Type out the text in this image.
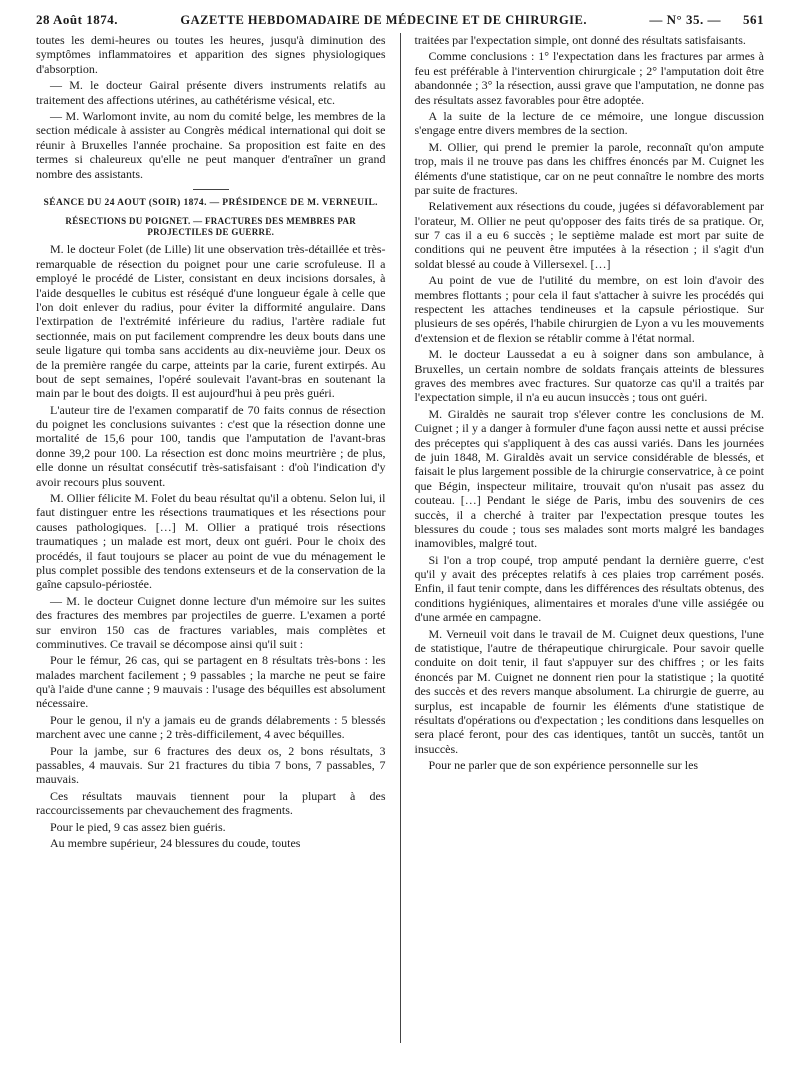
28 Août 1874.	GAZETTE HEBDOMADAIRE DE MÉDECINE ET DE CHIRURGIE.	— N° 35. — 561

toutes les demi-heures ou toutes les heures, jusqu'à diminution des symptômes inflammatoires et apparition des signes physiologiques d'absorption.

— M. le docteur Gairal présente divers instruments relatifs au traitement des affections utérines, au cathétérisme vésical, etc.

— M. Warlomont invite, au nom du comité belge, les membres de la section médicale à assister au Congrès médical international qui doit se réunir à Bruxelles l'année prochaine. Sa proposition est faite en des termes si chaleureux qu'elle ne peut manquer d'entraîner un grand nombre des assistants.

SÉANCE DU 24 AOUT (SOIR) 1874. — PRÉSIDENCE DE M. VERNEUIL.
RÉSECTIONS DU POIGNET. — FRACTURES DES MEMBRES PAR PROJECTILES DE GUERRE.

M. le docteur Folet (de Lille) lit une observation très-détaillée et très-remarquable de résection du poignet pour une carie scrofuleuse. Il a employé le procédé de Lister, consistant en deux incisions dorsales, à l'aide desquelles le cubitus est réséqué d'une longueur égale à celle que l'on doit enlever du radius, pour éviter la difformité angulaire. Dans l'extirpation de l'extrémité inférieure du radius, l'artère radiale fut sectionnée, mais on put facilement comprendre les deux bouts dans une seule ligature qui tomba sans accidents au dix-neuvième jour. Deux os de la première rangée du carpe, atteints par la carie, furent extirpés. Au bout de sept semaines, l'opéré soulevait l'avant-bras en soutenant la main par le bout des doigts. Il est aujourd'hui à peu près guéri.

L'auteur tire de l'examen comparatif de 70 faits connus de résection du poignet les conclusions suivantes : c'est que la résection donne une mortalité de 15,6 pour 100, tandis que l'amputation de l'avant-bras donne 39,2 pour 100. La résection est donc moins meurtrière ; de plus, elle donne un résultat consécutif très-satisfaisant : d'où l'indication d'y avoir recours plus souvent.

M. Ollier félicite M. Folet du beau résultat qu'il a obtenu. Selon lui, il faut distinguer entre les résections traumatiques et les résections pour causes pathologiques. […] M. Ollier a pratiqué trois résections traumatiques ; un malade est mort, deux ont guéri. Pour le choix des procédés, il faut toujours se placer au point de vue du ménagement le plus complet possible des tendons extenseurs et de la conservation de la gaîne capsulo-périostée.

— M. le docteur Cuignet donne lecture d'un mémoire sur les suites des fractures des membres par projectiles de guerre. L'examen a porté sur environ 150 cas de fractures variables, mais complètes et comminutives. Ce travail se décompose ainsi qu'il suit :

Pour le fémur, 26 cas, qui se partagent en 8 résultats très-bons : les malades marchent facilement ; 9 passables ; la marche ne peut se faire qu'à l'aide d'une canne ; 9 mauvais : l'usage des béquilles est absolument nécessaire.

Pour le genou, il n'y a jamais eu de grands délabrements : 5 blessés marchent avec une canne ; 2 très-difficilement, 4 avec béquilles.

Pour la jambe, sur 6 fractures des deux os, 2 bons résultats, 3 passables, 4 mauvais. Sur 21 fractures du tibia 7 bons, 7 passables, 7 mauvais.

Ces résultats mauvais tiennent pour la plupart à des raccourcissements par chevauchement des fragments.

Pour le pied, 9 cas assez bien guéris.

Au membre supérieur, 24 blessures du coude, toutes

traitées par l'expectation simple, ont donné des résultats satisfaisants.

Comme conclusions : 1° l'expectation dans les fractures par armes à feu est préférable à l'intervention chirurgicale ; 2° l'amputation doit être abandonnée ; 3° la résection, aussi grave que l'amputation, ne donne pas des résultats assez favorables pour être adoptée.

A la suite de la lecture de ce mémoire, une longue discussion s'engage entre divers membres de la section.

M. Ollier, qui prend le premier la parole, reconnaît qu'on ampute trop, mais il ne trouve pas dans les chiffres énoncés par M. Cuignet les éléments d'une statistique, car on ne peut connaître le nombre des morts par suite de fractures.

Relativement aux résections du coude, jugées si défavorablement par l'orateur, M. Ollier ne peut qu'opposer des faits tirés de sa pratique. Or, sur 7 cas il a eu 6 succès ; le septième malade est mort par suite de conditions qui ne peuvent être imputées à la résection ; il s'agit d'un soldat blessé au coude à Villersexel. […]

Au point de vue de l'utilité du membre, on est loin d'avoir des membres flottants ; pour cela il faut s'attacher à suivre les procédés qui respectent les attaches tendineuses et la capsule périostique. Sur plusieurs de ses opérés, l'habile chirurgien de Lyon a vu les mouvements d'extension et de flexion se rétablir comme à l'état normal.

M. le docteur Laussedat a eu à soigner dans son ambulance, à Bruxelles, un certain nombre de soldats français atteints de blessures graves des membres avec fractures. Sur quatorze cas qu'il a traités par l'expectation simple, il n'a eu aucun insuccès ; tous ont guéri.

M. Giraldès ne saurait trop s'élever contre les conclusions de M. Cuignet ; il y a danger à formuler d'une façon aussi nette et aussi précise des préceptes qui s'appliquent à des cas aussi variés. Dans les journées de juin 1848, M. Giraldès avait un service considérable de blessés, et faisait le plus largement possible de la chirurgie conservatrice, à ce point que Bégin, inspecteur militaire, trouvait qu'on n'usait pas assez du couteau. […] Pendant le siége de Paris, imbu des souvenirs de ces succès, il a cherché à traiter par l'expectation presque toutes les blessures du coude ; tous ses malades sont morts malgré les bandages inamovibles, malgré tout.

Si l'on a trop coupé, trop amputé pendant la dernière guerre, c'est qu'il y avait des préceptes relatifs à ces plaies trop carrément posés. Enfin, il faut tenir compte, dans les différences des résultats obtenus, des conditions hygiéniques, alimentaires et morales d'une ville assiégée ou d'une armée en campagne.

M. Verneuil voit dans le travail de M. Cuignet deux questions, l'une de statistique, l'autre de thérapeutique chirurgicale. Pour savoir quelle conduite on doit tenir, il faut s'appuyer sur des chiffres ; or les faits énoncés par M. Cuignet ne donnent rien pour la statistique ; la quotité des succès et des revers manque absolument. La chirurgie de guerre, au surplus, est incapable de fournir les éléments d'une statistique de résultats d'opérations ou d'expectation ; les conditions dans lesquelles on sera placé feront, pour des cas identiques, tantôt un succès, tantôt un insuccès.

Pour ne parler que de son expérience personnelle sur les
